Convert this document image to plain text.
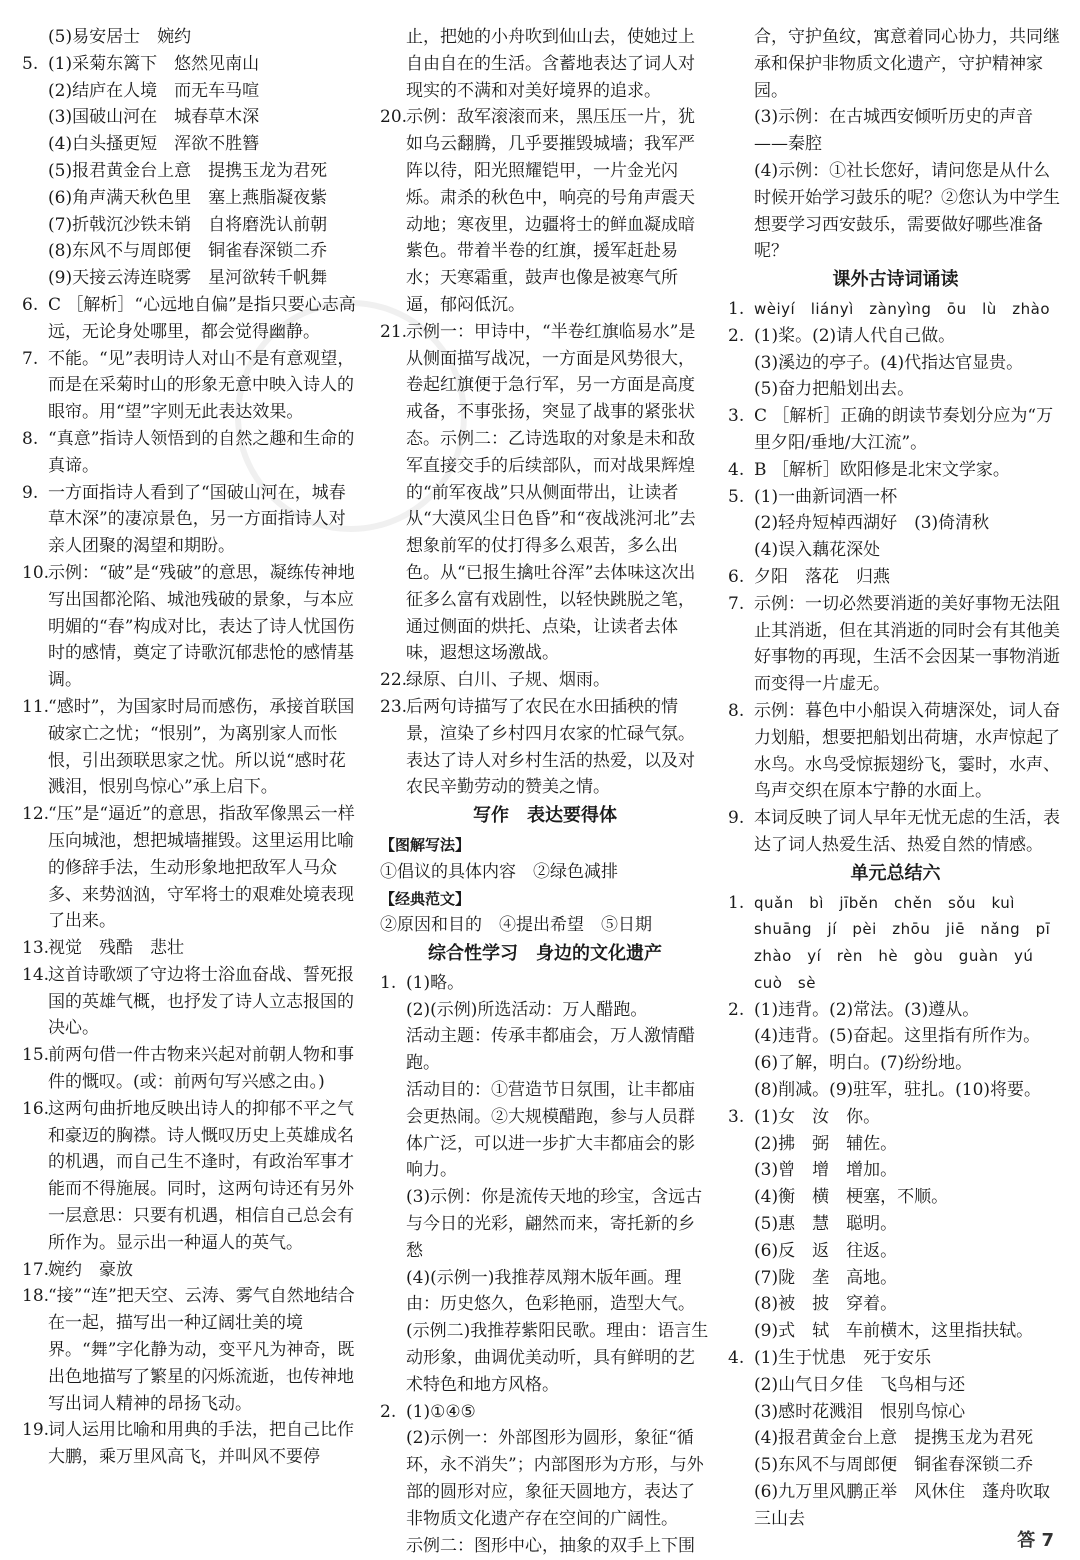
(5)易安居士　婉约
5. (1)采菊东篱下　悠然见南山
(2)结庐在人境　而无车马喧
(3)国破山河在　城春草木深
(4)白头搔更短　浑欲不胜簪
(5)报君黄金台上意　提携玉龙为君死
(6)角声满天秋色里　塞上燕脂凝夜紫
(7)折戟沉沙铁未销　自将磨洗认前朝
(8)东风不与周郎便　铜雀春深锁二乔
(9)天接云涛连晓雾　星河欲转千帆舞
6. C ［解析］“心远地自偏”是指只要心志高远，无论身处哪里，都会觉得幽静。
7. 不能。“见”表明诗人对山不是有意观望，而是在采菊时山的形象无意中映入诗人的眼帘。用“望”字则无此表达效果。
8. “真意”指诗人领悟到的自然之趣和生命的真谛。
9. 一方面指诗人看到了“国破山河在，城春草木深”的凄凉景色，另一方面指诗人对亲人团聚的渴望和期盼。
10.
示例：“破”是“残破”的意思，凝练传神地写出国都沦陷、城池残破的景象，与本应明媚的“春”构成对比，表达了诗人忧国伤时的感情，奠定了诗歌沉郁悲怆的感情基调。
11.
“感时”，为国家时局而感伤，承接首联国破家亡之忧；“恨别”，为离别家人而怅恨，引出颈联思家之忧。所以说“感时花溅泪，恨别鸟惊心”承上启下。
12.
“压”是“逼近”的意思，指敌军像黑云一样压向城池，想把城墙摧毁。这里运用比喻的修辞手法，生动形象地把敌军人马众多、来势汹汹，守军将士的艰难处境表现了出来。
13.
视觉　残酷　悲壮
14.
这首诗歌颂了守边将士浴血奋战、誓死报国的英雄气概，也抒发了诗人立志报国的决心。
15.
前两句借一件古物来兴起对前朝人物和事件的慨叹。(或：前两句写兴感之由。)
16.
这两句曲折地反映出诗人的抑郁不平之气和豪迈的胸襟。诗人慨叹历史上英雄成名的机遇，而自己生不逢时，有政治军事才能而不得施展。同时，这两句诗还有另外一层意思：只要有机遇，相信自己总会有所作为。显示出一种逼人的英气。
17.
婉约　豪放
18.
“接”“连”把天空、云涛、雾气自然地结合在一起，描写出一种辽阔壮美的境界。“舞”字化静为动，变平凡为神奇，既出色地描写了繁星的闪烁流逝，也传神地写出词人精神的昂扬飞动。
19.
词人运用比喻和用典的手法，把自己比作大鹏，乘万里风高飞，并叫风不要停
止，把她的小舟吹到仙山去，使她过上自由自在的生活。含蓄地表达了词人对现实的不满和对美好境界的追求。
20.
示例：敌军滚滚而来，黑压压一片，犹如乌云翻腾，几乎要摧毁城墙；我军严阵以待，阳光照耀铠甲，一片金光闪烁。肃杀的秋色中，响亮的号角声震天动地；寒夜里，边疆将士的鲜血凝成暗紫色。带着半卷的红旗，援军赶赴易水；天寒霜重，鼓声也像是被寒气所逼，郁闷低沉。
21.
示例一：甲诗中，“半卷红旗临易水”是从侧面描写战况，一方面是风势很大，卷起红旗便于急行军，另一方面是高度戒备，不事张扬，突显了战事的紧张状态。示例二：乙诗选取的对象是未和敌军直接交手的后续部队，而对战果辉煌的“前军夜战”只从侧面带出，让读者从“大漠风尘日色昏”和“夜战洮河北”去想象前军的仗打得多么艰苦，多么出色。从“已报生擒吐谷浑”去体味这次出征多么富有戏剧性，以轻快跳脱之笔，通过侧面的烘托、点染，让读者去体味，遐想这场激战。
22.
绿原、白川、子规、烟雨。
23.
后两句诗描写了农民在水田插秧的情景，渲染了乡村四月农家的忙碌气氛。表达了诗人对乡村生活的热爱，以及对农民辛勤劳动的赞美之情。
写作　表达要得体
【图解写法】
①倡议的具体内容　②绿色减排
【经典范文】
②原因和目的　④提出希望　⑤日期
综合性学习　身边的文化遗产
1. (1)略。
(2)(示例)所选活动：万人醋跑。
活动主题：传承丰都庙会，万人激情醋跑。
活动目的：①营造节日氛围，让丰都庙会更热闹。②大规模醋跑，参与人员群体广泛，可以进一步扩大丰都庙会的影响力。
(3)示例：你是流传天地的珍宝，含远古与今日的光彩，翩然而来，寄托新的乡愁
(4)(示例一)我推荐凤翔木版年画。理由：历史悠久，色彩艳丽，造型大气。
(示例二)我推荐紫阳民歌。理由：语言生动形象，曲调优美动听，具有鲜明的艺术特色和地方风格。
2. (1)①④⑤
(2)示例一：外部图形为圆形，象征“循环，永不消失”；内部图形为方形，与外部的圆形对应，象征天圆地方，表达了非物质文化遗产存在空间的广阔性。
示例二：图形中心，抽象的双手上下围
合，守护鱼纹，寓意着同心协力，共同继承和保护非物质文化遗产，守护精神家园。
(3)示例：在古城西安倾听历史的声音——秦腔
(4)示例：①社长您好，请问您是从什么时候开始学习鼓乐的呢？②您认为中学生想要学习西安鼓乐，需要做好哪些准备呢？
课外古诗词诵读
1. wèiyí　liányì　zànyìng　ōu　lù　zhào
2. (1)桨。(2)请人代自己做。
(3)溪边的亭子。(4)代指达官显贵。
(5)奋力把船划出去。
3. C ［解析］正确的朗读节奏划分应为“万里夕阳/垂地/大江流”。
4. B ［解析］欧阳修是北宋文学家。
5. (1)一曲新词酒一杯
(2)轻舟短棹西湖好　(3)倚清秋
(4)误入藕花深处
6. 夕阳　落花　归燕
7. 示例：一切必然要消逝的美好事物无法阻止其消逝，但在其消逝的同时会有其他美好事物的再现，生活不会因某一事物消逝而变得一片虚无。
8. 示例：暮色中小船误入荷塘深处，词人奋力划船，想要把船划出荷塘，水声惊起了水鸟。水鸟受惊振翅纷飞，霎时，水声、鸟声交织在原本宁静的水面上。
9. 本词反映了词人早年无忧无虑的生活，表达了词人热爱生活、热爱自然的情感。
单元总结六
1. quǎn　bì　jīběn　chěn　sǒu　kuì
shuāng　jí　pèi　zhōu　jiē　nǎng　pī
zhào　yí　rèn　hè　gòu　guàn　yú
cuò　sè
2. (1)违背。(2)常法。(3)遵从。
(4)违背。(5)奋起。这里指有所作为。
(6)了解，明白。(7)纷纷地。
(8)削减。(9)驻军，驻扎。(10)将要。
3. (1)女　汝　你。
(2)拂　弼　辅佐。
(3)曾　增　增加。
(4)衡　横　梗塞，不顺。
(5)惠　慧　聪明。
(6)反　返　往返。
(7)陇　垄　高地。
(8)被　披　穿着。
(9)式　轼　车前横木，这里指扶轼。
4. (1)生于忧患　死于安乐
(2)山气日夕佳　飞鸟相与还
(3)感时花溅泪　恨别鸟惊心
(4)报君黄金台上意　提携玉龙为君死
(5)东风不与周郎便　铜雀春深锁二乔
(6)九万里风鹏正举　风休住　蓬舟吹取三山去
答 7
